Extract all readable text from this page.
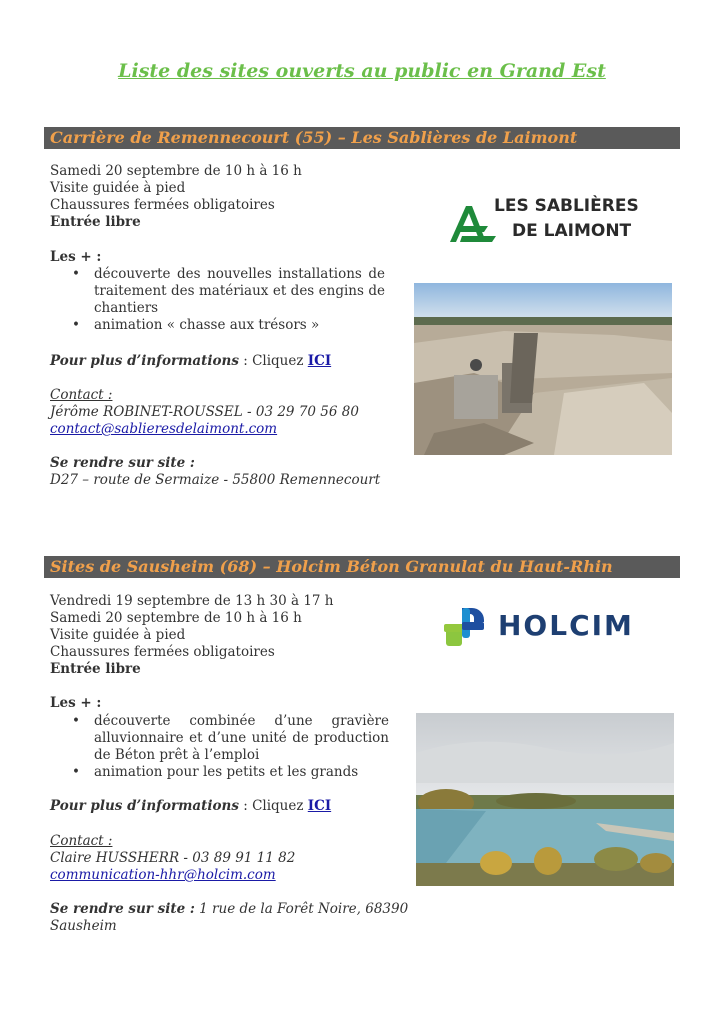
Liste des sites ouverts au public en Grand Est
Carrière de Remennecourt (55) – Les Sablières de Laimont
Samedi 20 septembre de 10 h à 16 h
Visite guidée à pied
Chaussures fermées obligatoires
Entrée libre
Les + :
• découverte des nouvelles installations de traitement des matériaux et des engins de chantiers
• animation « chasse aux trésors »
Pour plus d’informations : Cliquez ICI
Contact :
Jérôme ROBINET-ROUSSEL - 03 29 70 56 80
contact@sablieresdelaimont.com
Se rendre sur site :
D27 – route de Sermaize - 55800 Remennecourt
LES SABLIÈRES
DE LAIMONT
Sites de Sausheim (68) – Holcim Béton Granulat du Haut-Rhin
Vendredi 19 septembre de 13 h 30 à 17 h
Samedi 20 septembre de 10 h à 16 h
Visite guidée à pied
Chaussures fermées obligatoires
Entrée libre
Les + :
• découverte combinée d’une gravière alluvionnaire et d’une unité de production de Béton prêt à l’emploi
• animation pour les petits et les grands
Pour plus d’informations : Cliquez ICI
Contact :
Claire HUSSHERR - 03 89 91 11 82
communication-hhr@holcim.com
Se rendre sur site : 1 rue de la Forêt Noire, 68390
Sausheim
HOLCIM
